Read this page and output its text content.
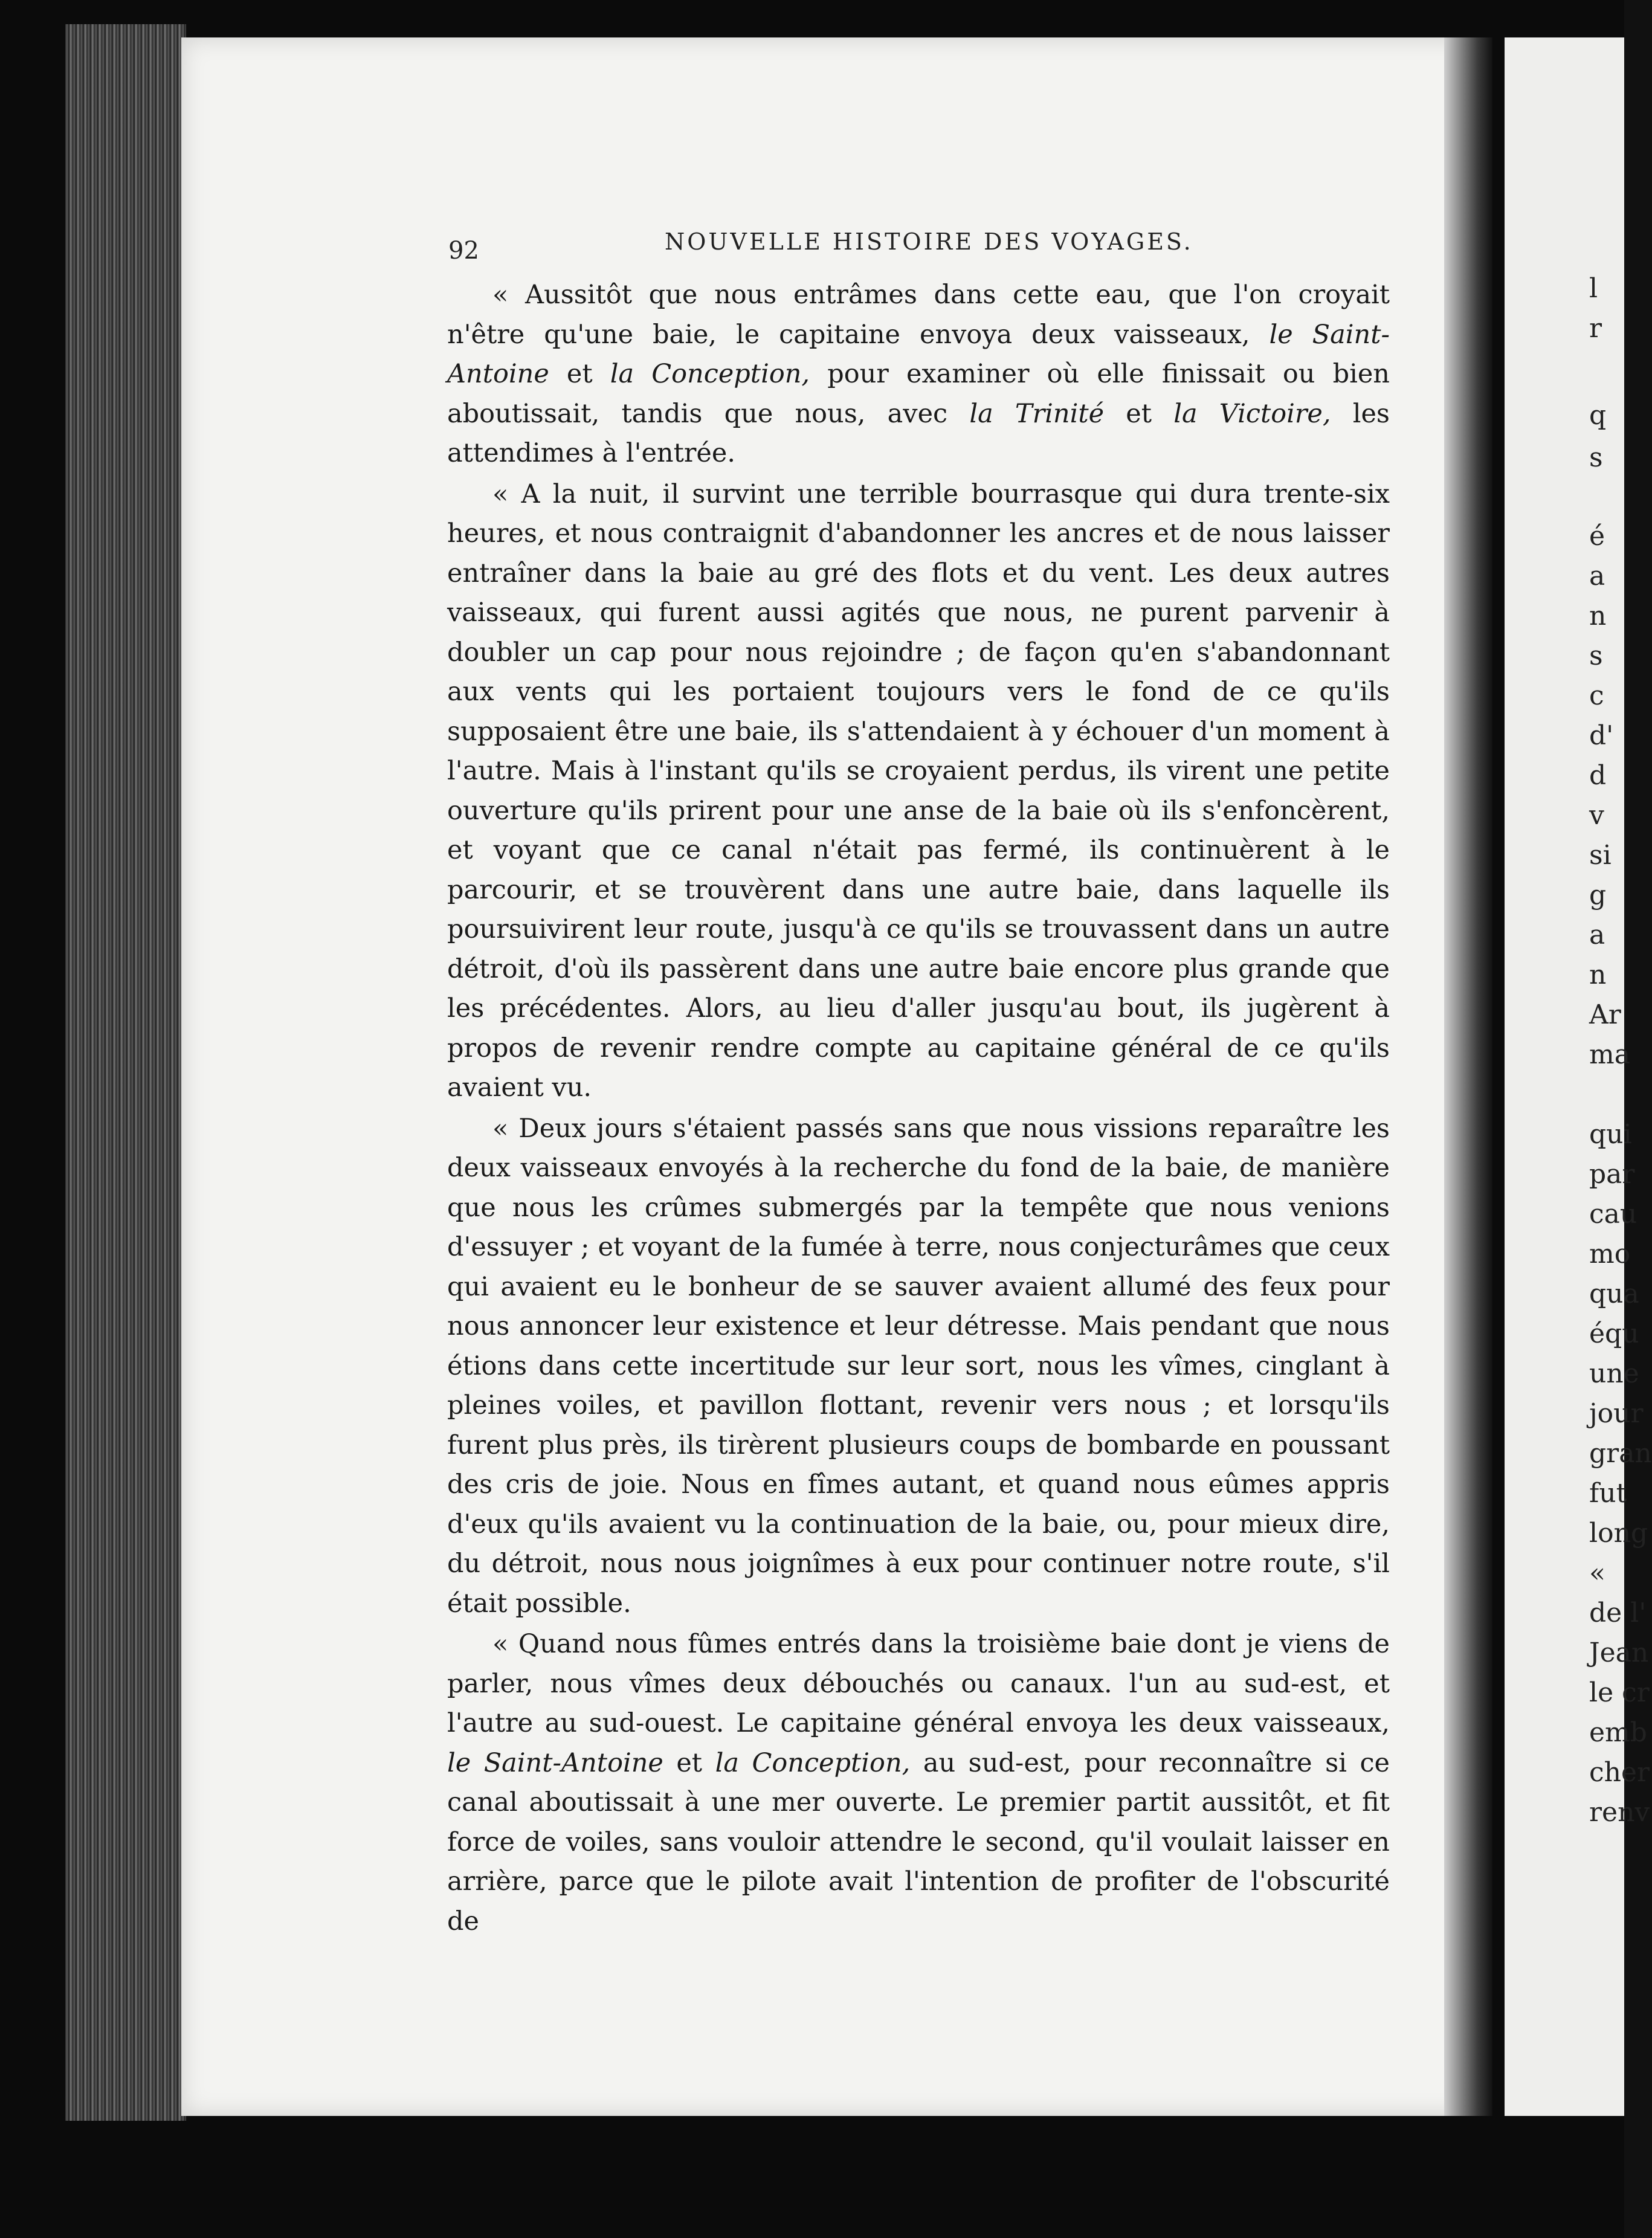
l
r
q
s
é
a
n
s
c
d'
d
v
si
g
a
n
Ar
ma
qui
par
cau
mo
qua
équ
une
jour
gran
fut
long
«
de l'
Jean
le cr
emb
cher
renv
92	NOUVELLE HISTOIRE DES VOYAGES.

« Aussitôt que nous entrâmes dans cette eau, que l'on croyait n'être qu'une baie, le capitaine envoya deux vaisseaux, le Saint-Antoine et la Conception, pour examiner où elle finissait ou bien aboutissait, tandis que nous, avec la Trinité et la Victoire, les attendimes à l'entrée.

« A la nuit, il survint une terrible bourrasque qui dura trente-six heures, et nous contraignit d'abandonner les ancres et de nous laisser entraîner dans la baie au gré des flots et du vent. Les deux autres vaisseaux, qui furent aussi agités que nous, ne purent parvenir à doubler un cap pour nous rejoindre ; de façon qu'en s'abandonnant aux vents qui les portaient toujours vers le fond de ce qu'ils supposaient être une baie, ils s'attendaient à y échouer d'un moment à l'autre. Mais à l'instant qu'ils se croyaient perdus, ils virent une petite ouverture qu'ils prirent pour une anse de la baie où ils s'enfoncèrent, et voyant que ce canal n'était pas fermé, ils continuèrent à le parcourir, et se trouvèrent dans une autre baie, dans laquelle ils poursuivirent leur route, jusqu'à ce qu'ils se trouvassent dans un autre détroit, d'où ils passèrent dans une autre baie encore plus grande que les précédentes. Alors, au lieu d'aller jusqu'au bout, ils jugèrent à propos de revenir rendre compte au capitaine général de ce qu'ils avaient vu.

« Deux jours s'étaient passés sans que nous vissions reparaître les deux vaisseaux envoyés à la recherche du fond de la baie, de manière que nous les crûmes submergés par la tempête que nous venions d'essuyer ; et voyant de la fumée à terre, nous conjecturâmes que ceux qui avaient eu le bonheur de se sauver avaient allumé des feux pour nous annoncer leur existence et leur détresse. Mais pendant que nous étions dans cette incertitude sur leur sort, nous les vîmes, cinglant à pleines voiles, et pavillon flottant, revenir vers nous ; et lorsqu'ils furent plus près, ils tirèrent plusieurs coups de bombarde en poussant des cris de joie. Nous en fîmes autant, et quand nous eûmes appris d'eux qu'ils avaient vu la continuation de la baie, ou, pour mieux dire, du détroit, nous nous joignîmes à eux pour continuer notre route, s'il était possible.

« Quand nous fûmes entrés dans la troisième baie dont je viens de parler, nous vîmes deux débouchés ou canaux. l'un au sud-est, et l'autre au sud-ouest. Le capitaine général envoya les deux vaisseaux, le Saint-Antoine et la Conception, au sud-est, pour reconnaître si ce canal aboutissait à une mer ouverte. Le premier partit aussitôt, et fit force de voiles, sans vouloir attendre le second, qu'il voulait laisser en arrière, parce que le pilote avait l'intention de profiter de l'obscurité de
